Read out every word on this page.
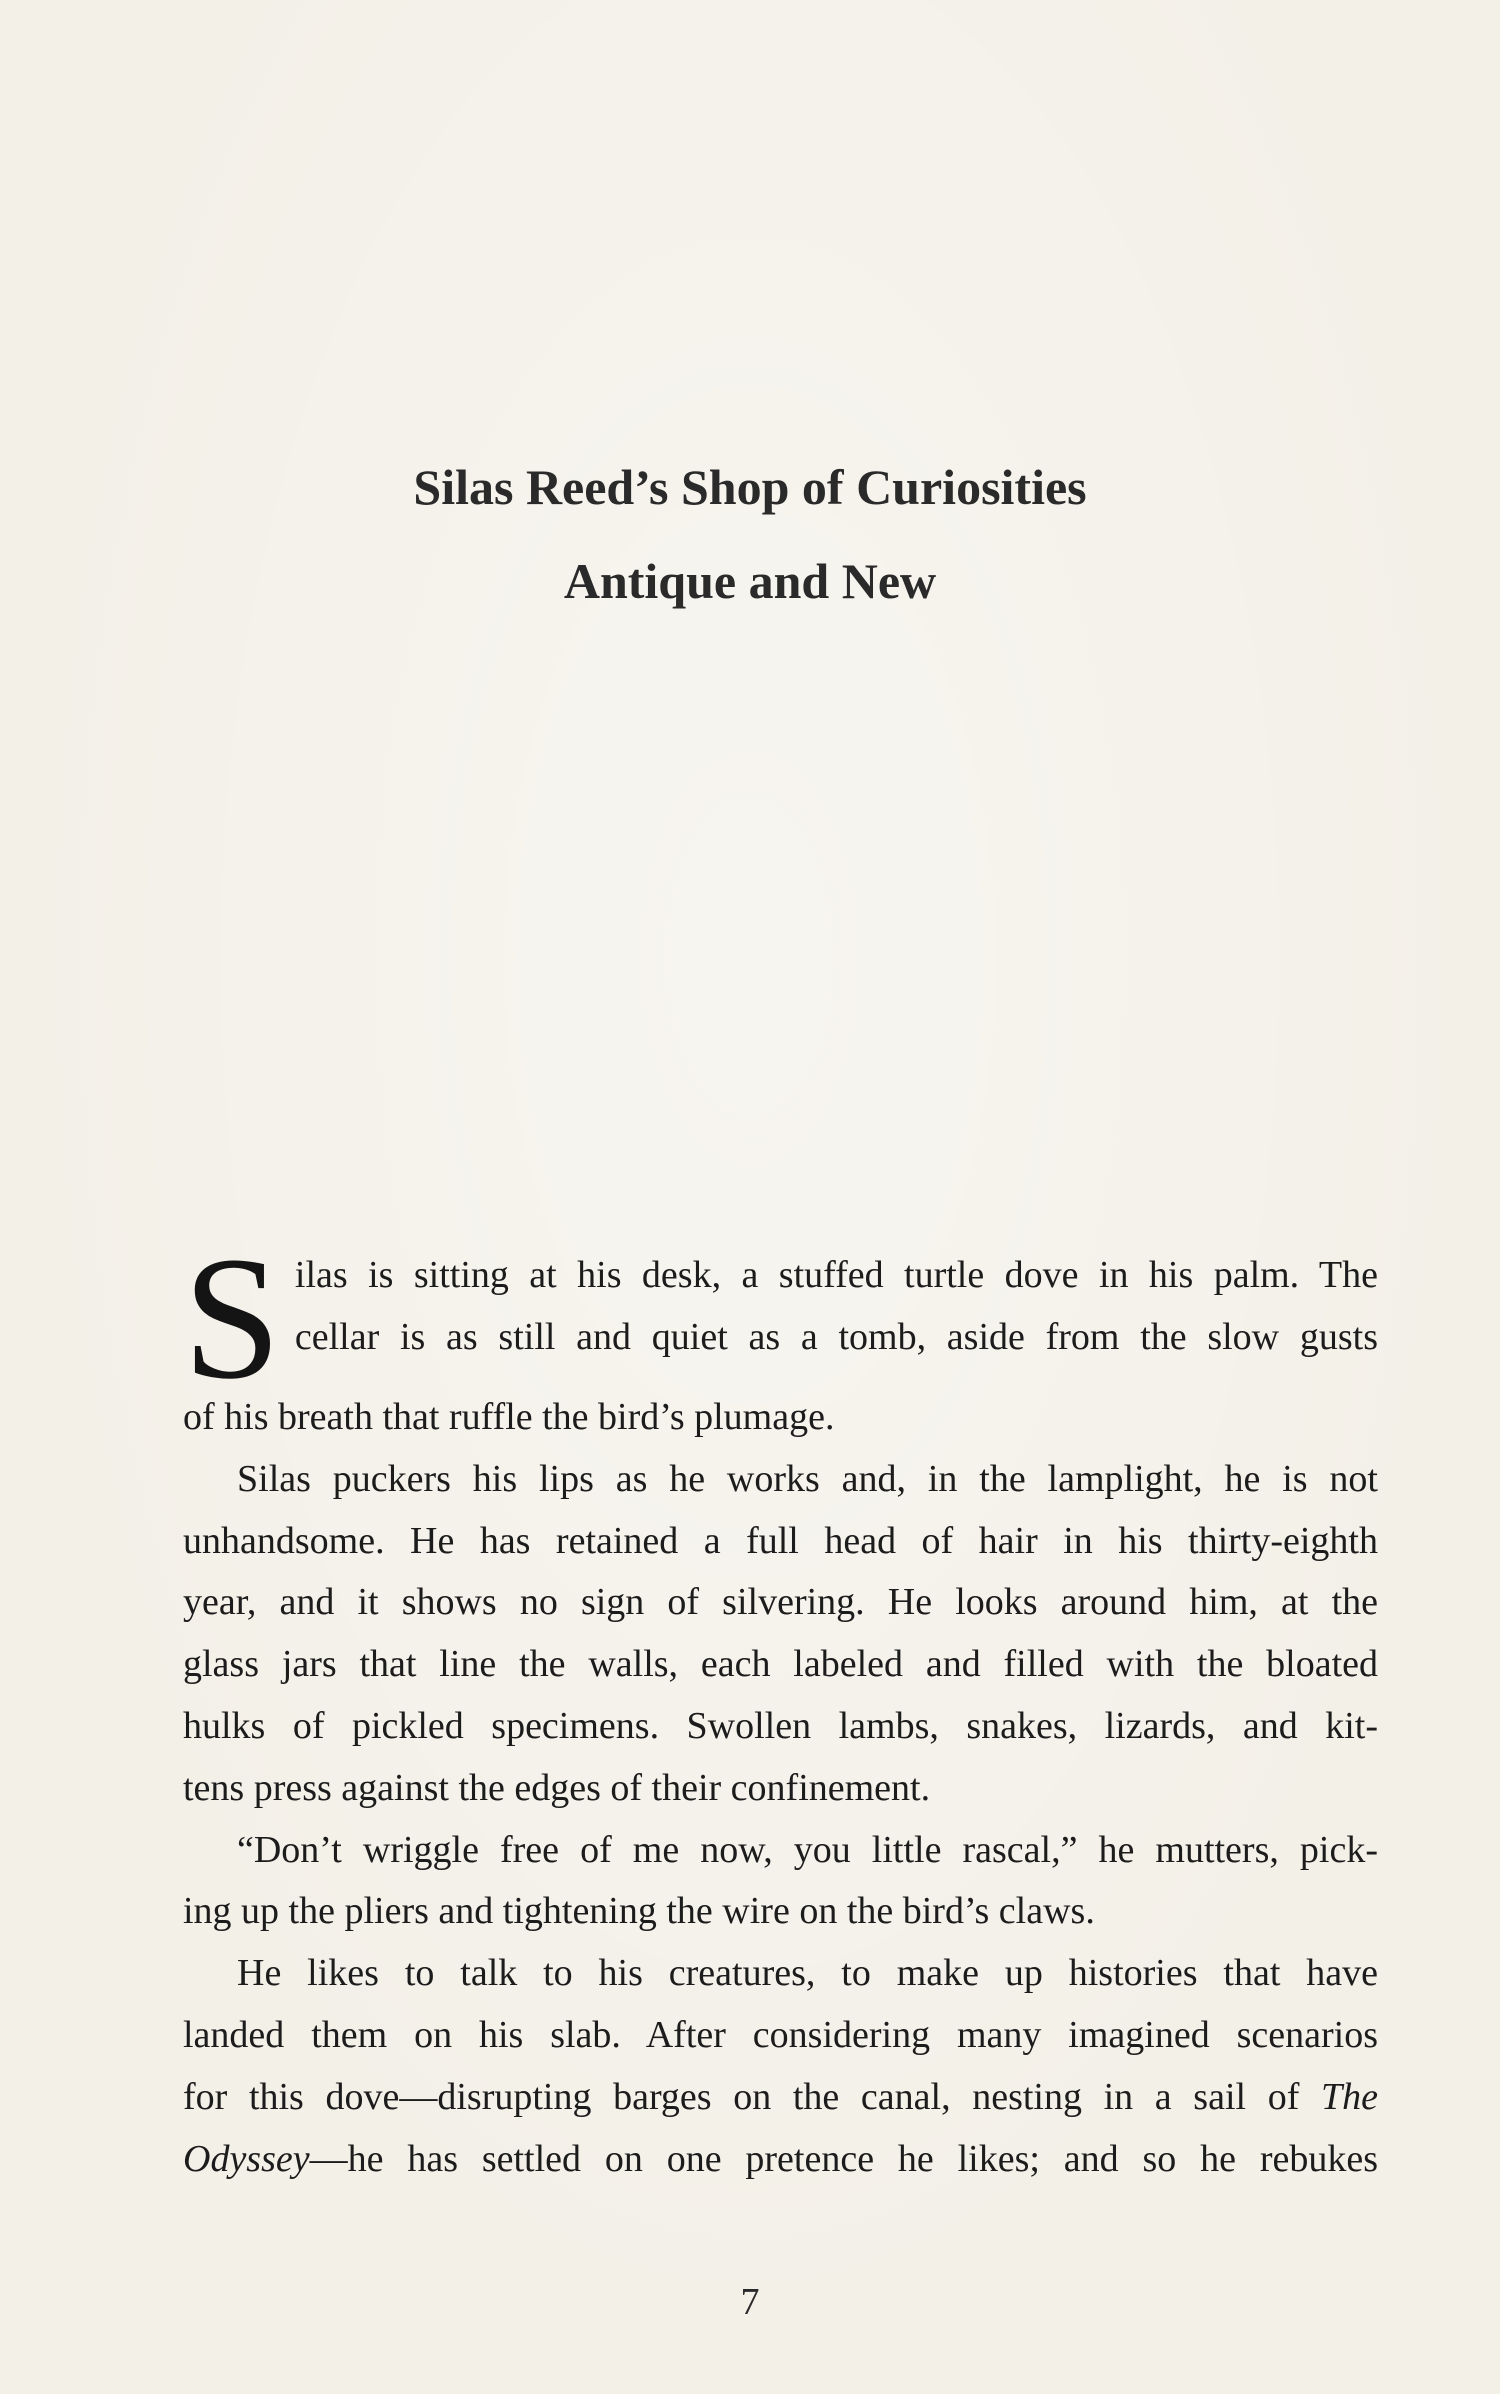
Silas Reed’s Shop of Curiosities
Antique and New
S ilas is sitting at his desk, a stuffed turtle dove in his palm. The
cellar is as still and quiet as a tomb, aside from the slow gusts
of his breath that ruffle the bird’s plumage.
Silas puckers his lips as he works and, in the lamplight, he is not
unhandsome. He has retained a full head of hair in his thirty-eighth
year, and it shows no sign of silvering. He looks around him, at the
glass jars that line the walls, each labeled and filled with the bloated
hulks of pickled specimens. Swollen lambs, snakes, lizards, and kit-
tens press against the edges of their confinement.
“Don’t wriggle free of me now, you little rascal,” he mutters, pick-
ing up the pliers and tightening the wire on the bird’s claws.
He likes to talk to his creatures, to make up histories that have
landed them on his slab. After considering many imagined scenarios
for this dove—disrupting barges on the canal, nesting in a sail of The
Odyssey—he has settled on one pretence he likes; and so he rebukes
7
